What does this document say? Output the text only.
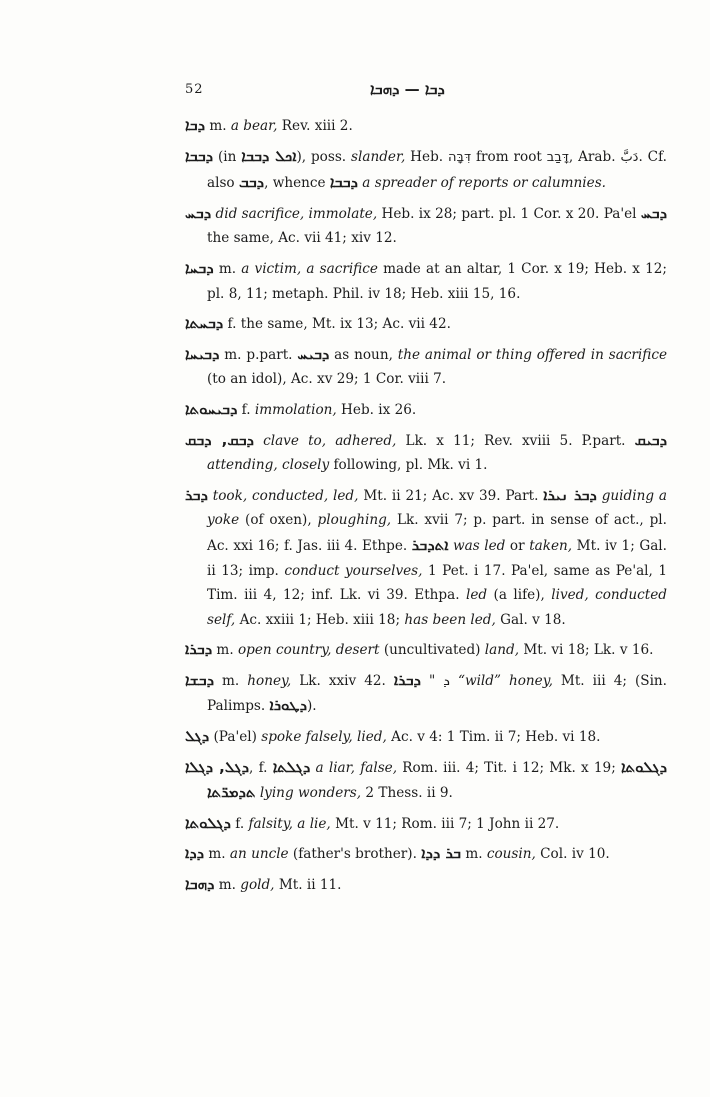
52	ܕܒܐ — ܕܗܒܐ

ܕܒܐ m. a bear, Rev. xiii 2.

ܕܒܒܐ (in ܐܟܠ ܕܒܒܐ), poss. slander, Heb. דִּבָּה from root דָּבַב, Arab. دَبَّ. Cf. also ܕܒܒ, whence ܕܒܒܐ a spreader of reports or calumnies.

ܕܒܚ did sacrifice, immolate, Heb. ix 28; part. pl. 1 Cor. x 20. Pa'el ܕܒܚ the same, Ac. vii 41; xiv 12.

ܕܒܚܐ m. a victim, a sacrifice made at an altar, 1 Cor. x 19; Heb. x 12; pl. 8, 11; metaph. Phil. iv 18; Heb. xiii 15, 16.

ܕܒܚܬܐ f. the same, Mt. ix 13; Ac. vii 42.

ܕܒܝܚܐ m. p.part. ܕܒܝܚ as noun, the animal or thing offered in sacrifice (to an idol), Ac. xv 29; 1 Cor. viii 7.

ܕܒܝܚܘܬܐ f. immolation, Heb. ix 26.

ܕܒܩ, ܕܒܩ clave to, adhered, Lk. x 11; Rev. xviii 5. P.part. ܕܒܝܩ attending, closely following, pl. Mk. vi 1.

ܕܒܪ took, conducted, led, Mt. ii 21; Ac. xv 39. Part. ܕܒܪ ܢܝܪܐ guiding a yoke (of oxen), ploughing, Lk. xvii 7; p. part. in sense of act., pl. Ac. xxi 16; f. Jas. iii 4. Ethpe. ܐܬܕܒܪ was led or taken, Mt. iv 1; Gal. ii 13; imp. conduct yourselves, 1 Pet. i 17. Pa'el, same as Pe'al, 1 Tim. iii 4, 12; inf. Lk. vi 39. Ethpa. led (a life), lived, conducted self, Ac. xxiii 1; Heb. xiii 18; has been led, Gal. v 18.

ܕܒܪܐ m. open country, desert (uncultivated) land, Mt. vi 18; Lk. v 16.

ܕܒܫܐ m. honey, Lk. xxiv 42. ܕܒܪܐ " ܕ “wild” honey, Mt. iii 4; (Sin. Palimps. ܕܛܘܪܐ).

ܕܓܠ (Pa'el) spoke falsely, lied, Ac. v 4: 1 Tim. ii 7; Heb. vi 18.

ܕܓܠ, ܕܓܠܐ, f. ܕܓܠܬܐ a liar, false, Rom. iii. 4; Tit. i 12; Mk. x 19; ܕܓܠܘܬܐ ܬܕܡܪ̈ܬܐ lying wonders, 2 Thess. ii 9.

ܕܓܠܘܬܐ f. falsity, a lie, Mt. v 11; Rom. iii 7; 1 John ii 27.

ܕܕܐ m. an uncle (father's brother). ܒܪ ܕܕܐ m. cousin, Col. iv 10.

ܕܗܒܐ m. gold, Mt. ii 11.
